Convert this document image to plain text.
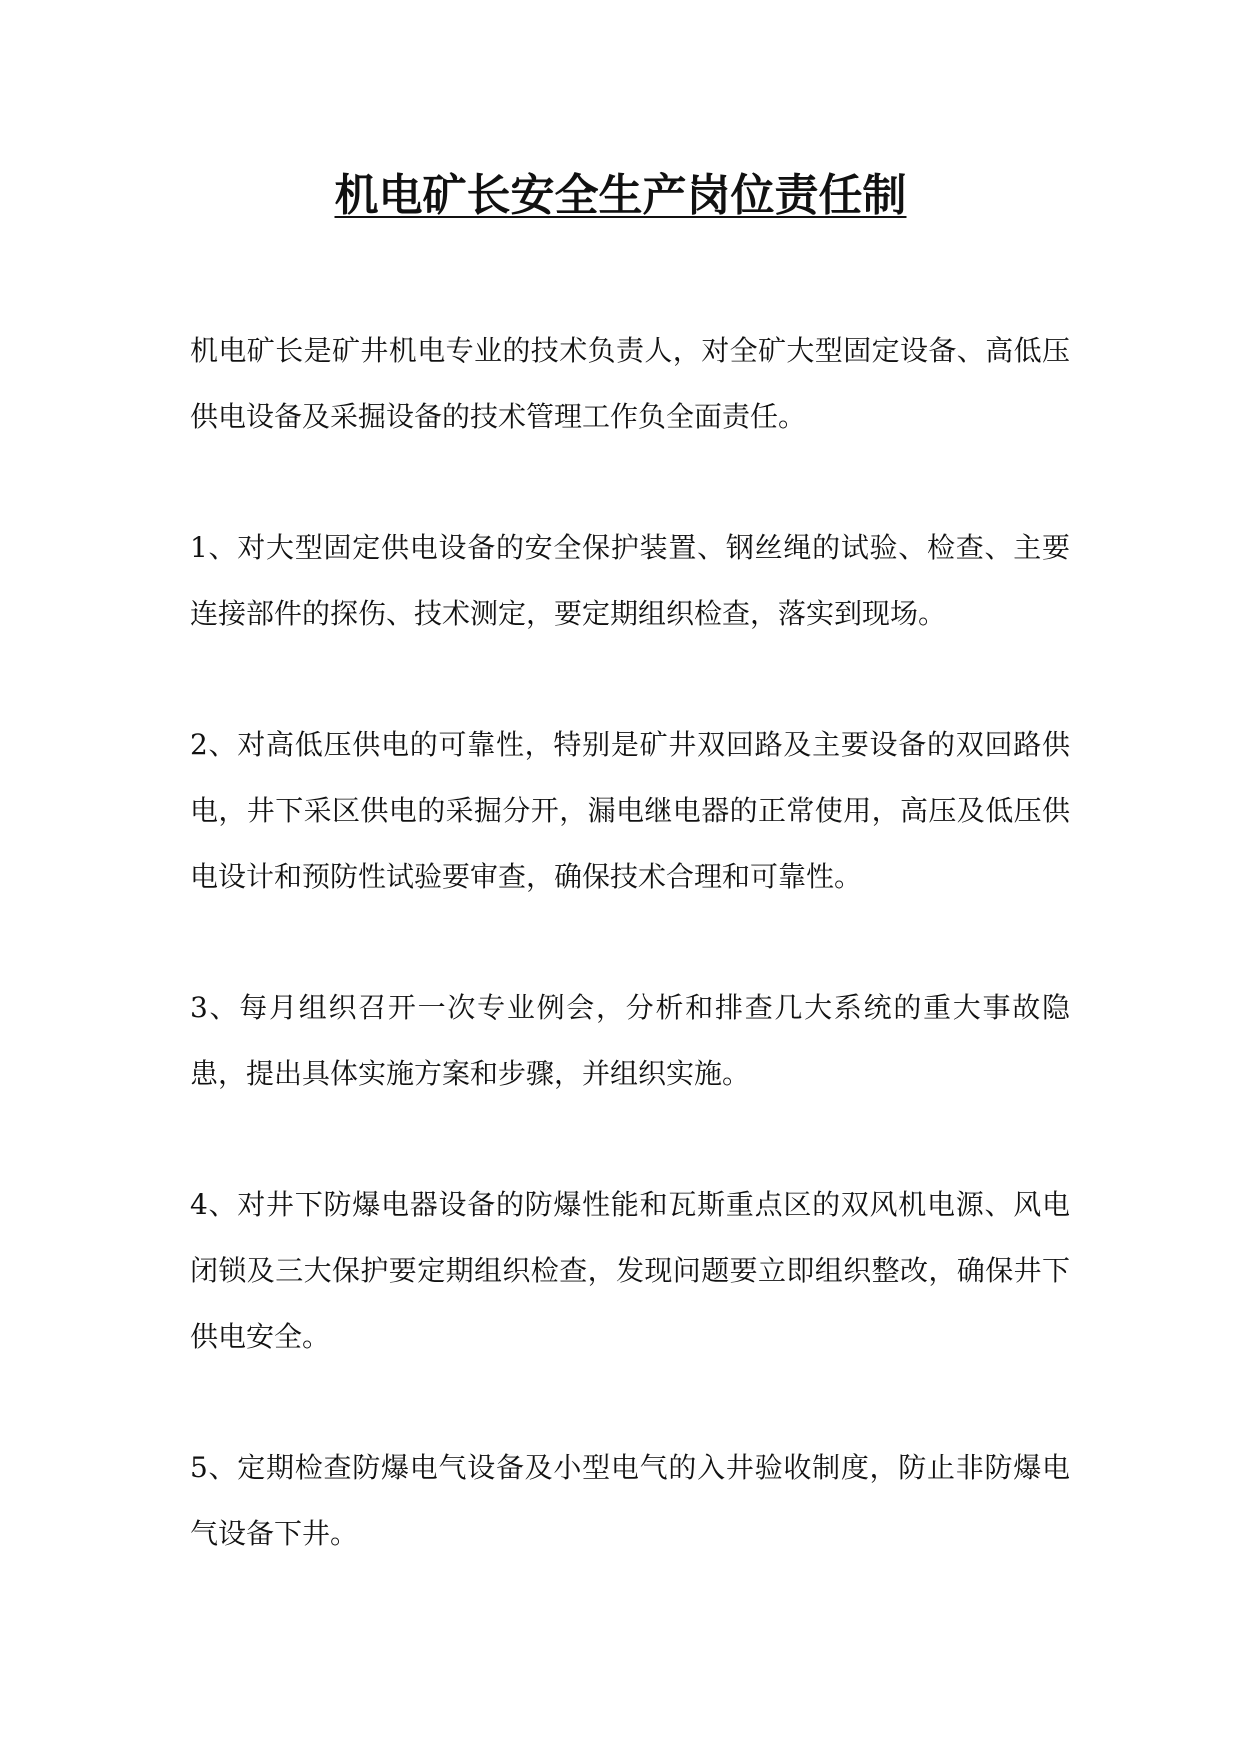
机电矿长安全生产岗位责任制

机电矿长是矿井机电专业的技术负责人，对全矿大型固定设备、高低压供电设备及采掘设备的技术管理工作负全面责任。

1、对大型固定供电设备的安全保护装置、钢丝绳的试验、检查、主要连接部件的探伤、技术测定，要定期组织检查，落实到现场。

2、对高低压供电的可靠性，特别是矿井双回路及主要设备的双回路供电，井下采区供电的采掘分开，漏电继电器的正常使用，高压及低压供电设计和预防性试验要审查，确保技术合理和可靠性。

3、每月组织召开一次专业例会，分析和排查几大系统的重大事故隐患，提出具体实施方案和步骤，并组织实施。

4、对井下防爆电器设备的防爆性能和瓦斯重点区的双风机电源、风电闭锁及三大保护要定期组织检查，发现问题要立即组织整改，确保井下供电安全。

5、定期检查防爆电气设备及小型电气的入井验收制度，防止非防爆电气设备下井。
